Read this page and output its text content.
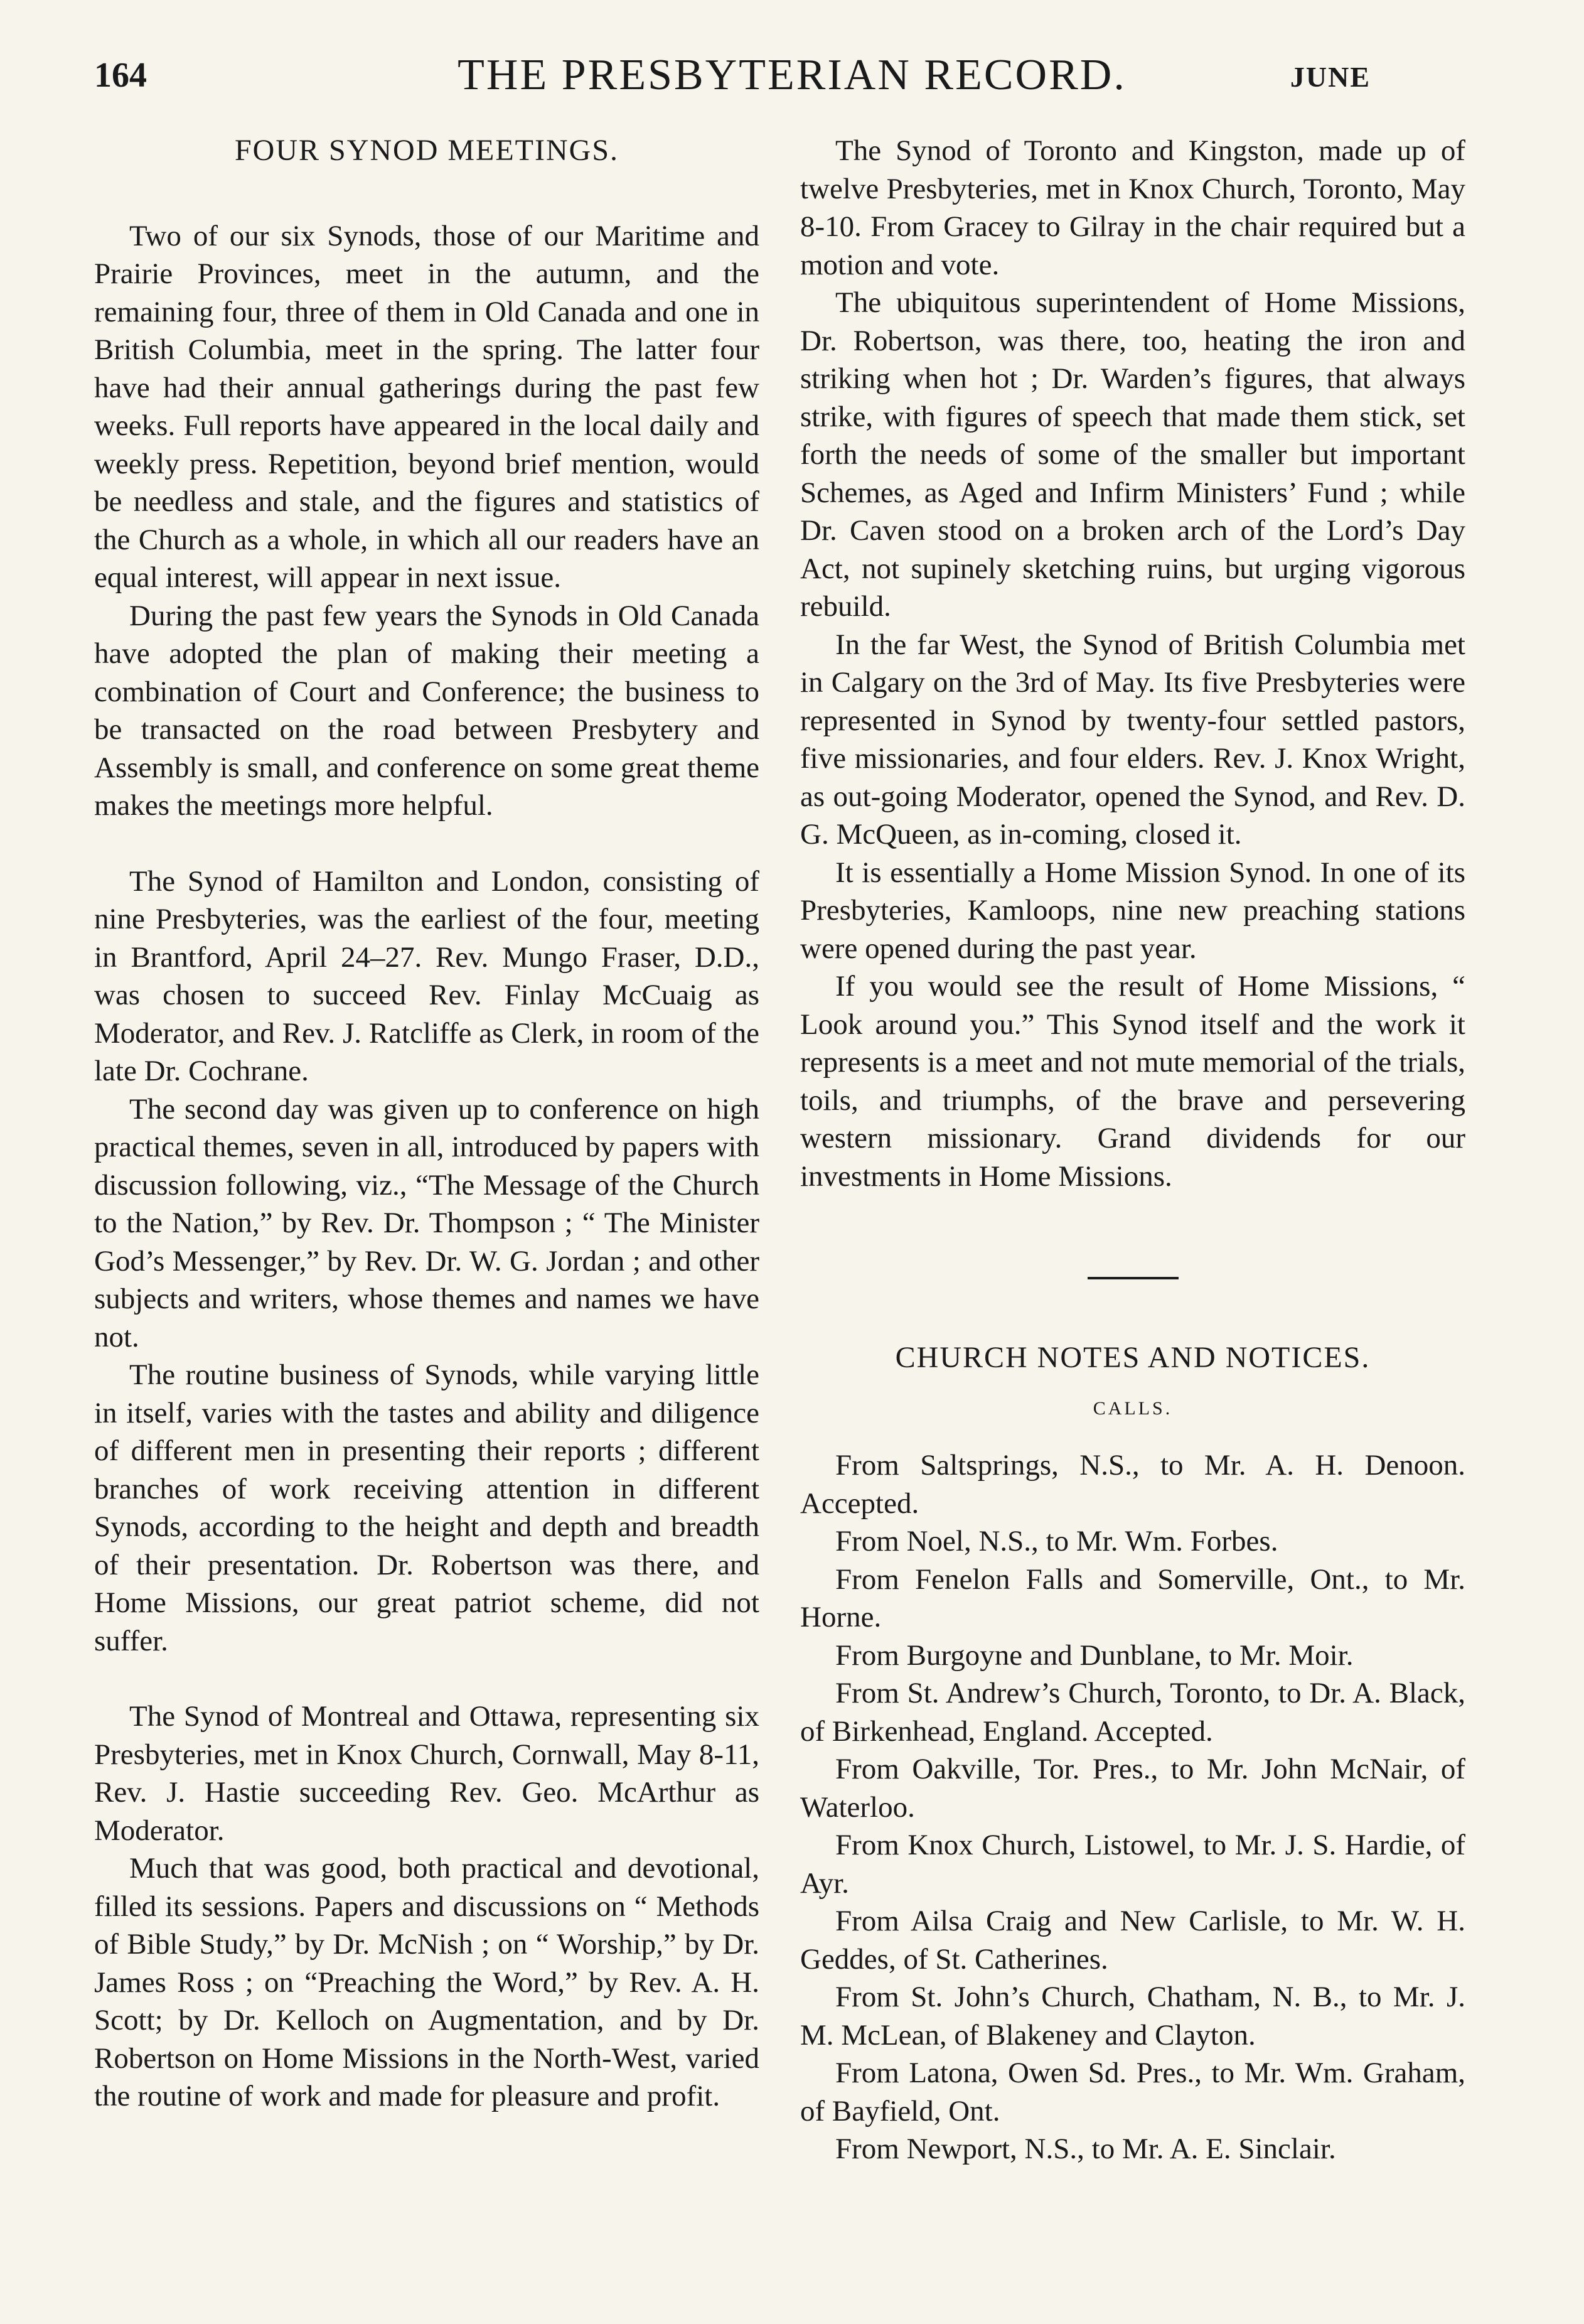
164	THE PRESBYTERIAN RECORD.	JUNE
FOUR SYNOD MEETINGS.

Two of our six Synods, those of our Maritime and Prairie Provinces, meet in the autumn, and the remaining four, three of them in Old Canada and one in British Columbia, meet in the spring. The latter four have had their annual gatherings during the past few weeks. Full reports have appeared in the local daily and weekly press. Repetition, beyond brief mention, would be needless and stale, and the figures and statistics of the Church as a whole, in which all our readers have an equal interest, will appear in next issue.

During the past few years the Synods in Old Canada have adopted the plan of making their meeting a combination of Court and Conference; the business to be transacted on the road between Presbytery and Assembly is small, and conference on some great theme makes the meetings more helpful.

The Synod of Hamilton and London, consisting of nine Presbyteries, was the earliest of the four, meeting in Brantford, April 24–27. Rev. Mungo Fraser, D.D., was chosen to succeed Rev. Finlay McCuaig as Moderator, and Rev. J. Ratcliffe as Clerk, in room of the late Dr. Cochrane.

The second day was given up to conference on high practical themes, seven in all, introduced by papers with discussion following, viz., “The Message of the Church to the Nation,” by Rev. Dr. Thompson ; “ The Minister God’s Messenger,” by Rev. Dr. W. G. Jordan ; and other subjects and writers, whose themes and names we have not.

The routine business of Synods, while varying little in itself, varies with the tastes and ability and diligence of different men in presenting their reports ; different branches of work receiving attention in different Synods, according to the height and depth and breadth of their presentation. Dr. Robertson was there, and Home Missions, our great patriot scheme, did not suffer.

The Synod of Montreal and Ottawa, representing six Presbyteries, met in Knox Church, Cornwall, May 8-11, Rev. J. Hastie succeeding Rev. Geo. McArthur as Moderator.

Much that was good, both practical and devotional, filled its sessions. Papers and discussions on “ Methods of Bible Study,” by Dr. McNish ; on “ Worship,” by Dr. James Ross ; on “Preaching the Word,” by Rev. A. H. Scott; by Dr. Kelloch on Augmentation, and by Dr. Robertson on Home Missions in the North-West, varied the routine of work and made for pleasure and profit.

The Synod of Toronto and Kingston, made up of twelve Presbyteries, met in Knox Church, Toronto, May 8-10. From Gracey to Gilray in the chair required but a motion and vote.

The ubiquitous superintendent of Home Missions, Dr. Robertson, was there, too, heating the iron and striking when hot ; Dr. Warden’s figures, that always strike, with figures of speech that made them stick, set forth the needs of some of the smaller but important Schemes, as Aged and Infirm Ministers’ Fund ; while Dr. Caven stood on a broken arch of the Lord’s Day Act, not supinely sketching ruins, but urging vigorous rebuild.

In the far West, the Synod of British Columbia met in Calgary on the 3rd of May. Its five Presbyteries were represented in Synod by twenty-four settled pastors, five missionaries, and four elders. Rev. J. Knox Wright, as out-going Moderator, opened the Synod, and Rev. D. G. McQueen, as in-coming, closed it.

It is essentially a Home Mission Synod. In one of its Presbyteries, Kamloops, nine new preaching stations were opened during the past year.

If you would see the result of Home Missions, “ Look around you.” This Synod itself and the work it represents is a meet and not mute memorial of the trials, toils, and triumphs, of the brave and persevering western missionary. Grand dividends for our investments in Home Missions.

CHURCH NOTES AND NOTICES.
CALLS.

From Saltsprings, N.S., to Mr. A. H. Denoon. Accepted.

From Noel, N.S., to Mr. Wm. Forbes.

From Fenelon Falls and Somerville, Ont., to Mr. Horne.

From Burgoyne and Dunblane, to Mr. Moir.

From St. Andrew’s Church, Toronto, to Dr. A. Black, of Birkenhead, England. Accepted.

From Oakville, Tor. Pres., to Mr. John McNair, of Waterloo.

From Knox Church, Listowel, to Mr. J. S. Hardie, of Ayr.

From Ailsa Craig and New Carlisle, to Mr. W. H. Geddes, of St. Catherines.

From St. John’s Church, Chatham, N. B., to Mr. J. M. McLean, of Blakeney and Clayton.

From Latona, Owen Sd. Pres., to Mr. Wm. Graham, of Bayfield, Ont.

From Newport, N.S., to Mr. A. E. Sinclair.
